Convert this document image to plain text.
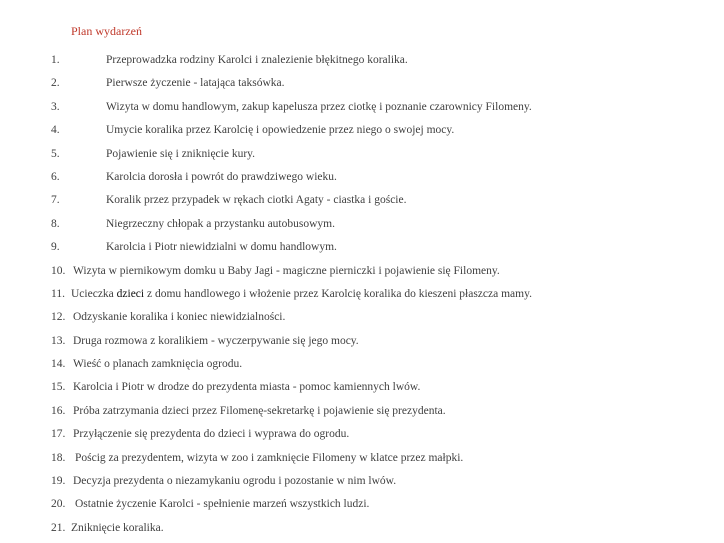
Plan wydarzeń
1.	Przeprowadzka rodziny Karolci i znalezienie błękitnego koralika.
2.	Pierwsze życzenie - latająca taksówka.
3.	Wizyta w domu handlowym, zakup kapelusza przez ciotkę i poznanie czarownicy Filomeny.
4.	Umycie koralika przez Karolcię i opowiedzenie przez niego o swojej mocy.
5.	Pojawienie się i zniknięcie kury.
6.	Karolcia dorosła i powrót do prawdziwego wieku.
7.	Koralik przez przypadek w rękach ciotki Agaty - ciastka i goście.
8.	Niegrzeczny chłopak a przystanku autobusowym.
9.	Karolcia i Piotr niewidzialni w domu handlowym.
10. Wizyta w piernikowym domku u Baby Jagi - magiczne pierniczki i pojawienie się Filomeny.
11. Ucieczka dzieci z domu handlowego i włożenie przez Karolcię koralika do kieszeni płaszcza mamy.
12. Odzyskanie koralika i koniec niewidzialności.
13. Druga rozmowa z koralikiem - wyczerpywanie się jego mocy.
14. Wieść o planach zamknięcia ogrodu.
15. Karolcia i Piotr w drodze do prezydenta miasta - pomoc kamiennych lwów.
16. Próba zatrzymania dzieci przez Filomenę-sekretarkę i pojawienie się prezydenta.
17. Przyłączenie się prezydenta do dzieci i wyprawa do ogrodu.
18. Pościg za prezydentem, wizyta w zoo i zamknięcie Filomeny w klatce przez małpki.
19. Decyzja prezydenta o niezamykaniu ogrodu i pozostanie w nim lwów.
20. Ostatnie życzenie Karolci - spełnienie marzeń wszystkich ludzi.
21. Zniknięcie koralika.
